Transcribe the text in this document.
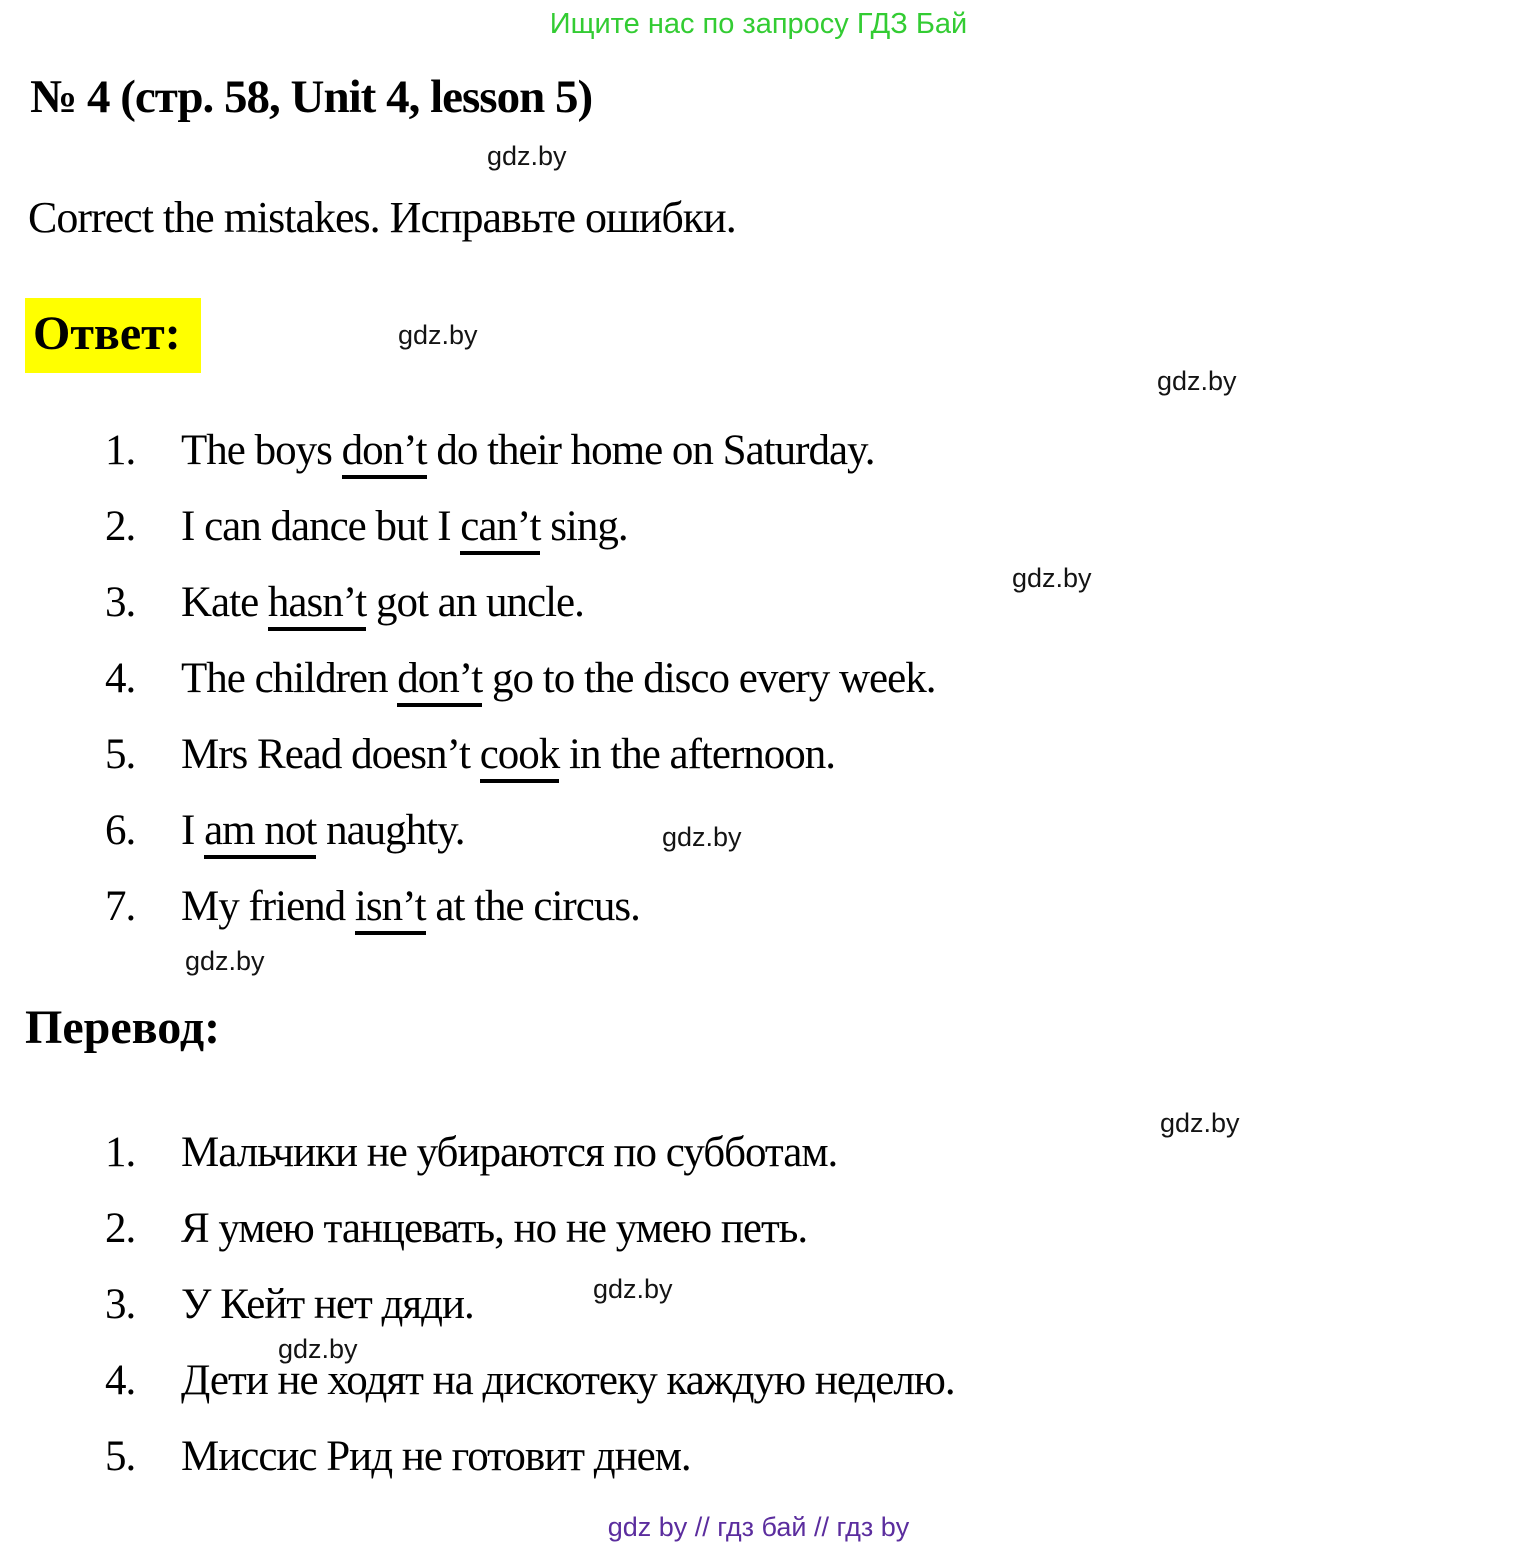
Ищите нас по запросу ГДЗ Бай
№ 4 (стр. 58, Unit 4, lesson 5)
gdz.by
Correct the mistakes. Исправьте ошибки.
Ответ:	gdz.by
gdz.by
1.	The boys don’t do their home on Saturday.
2.	I can dance but I can’t sing.
3.	Kate hasn’t got an uncle.
4.	The children don’t go to the disco every week.
5.	Mrs Read doesn’t cook in the afternoon.
6.	I am not naughty.
7.	My friend isn’t at the circus.
gdz.by
gdz.by
gdz.by
Перевод:
gdz.by
1.	Мальчики не убираются по субботам.
2.	Я умею танцевать, но не умею петь.
3.	У Кейт нет дяди.
4.	Дети не ходят на дискотеку каждую неделю.
5.	Миссис Рид не готовит днем.
gdz.by
gdz.by
gdz by // гдз бай // гдз by
